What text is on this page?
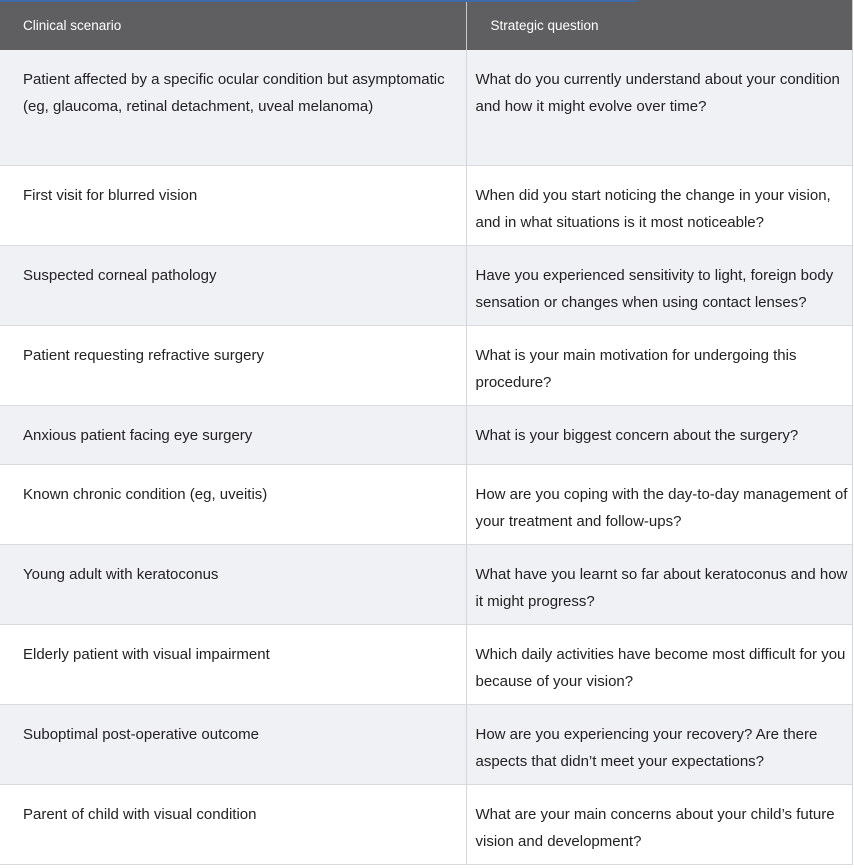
Clinical scenario	Strategic question
Patient affected by a specific ocular condition but asymptomatic (eg, glaucoma, retinal detachment, uveal melanoma)	What do you currently understand about your condition and how it might evolve over time?
First visit for blurred vision	When did you start noticing the change in your vision, and in what situations is it most noticeable?
Suspected corneal pathology	Have you experienced sensitivity to light, foreign body sensation or changes when using contact lenses?
Patient requesting refractive surgery	What is your main motivation for undergoing this procedure?
Anxious patient facing eye surgery	What is your biggest concern about the surgery?
Known chronic condition (eg, uveitis)	How are you coping with the day-to-day management of your treatment and follow-ups?
Young adult with keratoconus	What have you learnt so far about keratoconus and how it might progress?
Elderly patient with visual impairment	Which daily activities have become most difficult for you because of your vision?
Suboptimal post-operative outcome	How are you experiencing your recovery? Are there aspects that didn’t meet your expectations?
Parent of child with visual condition	What are your main concerns about your child’s future vision and development?
